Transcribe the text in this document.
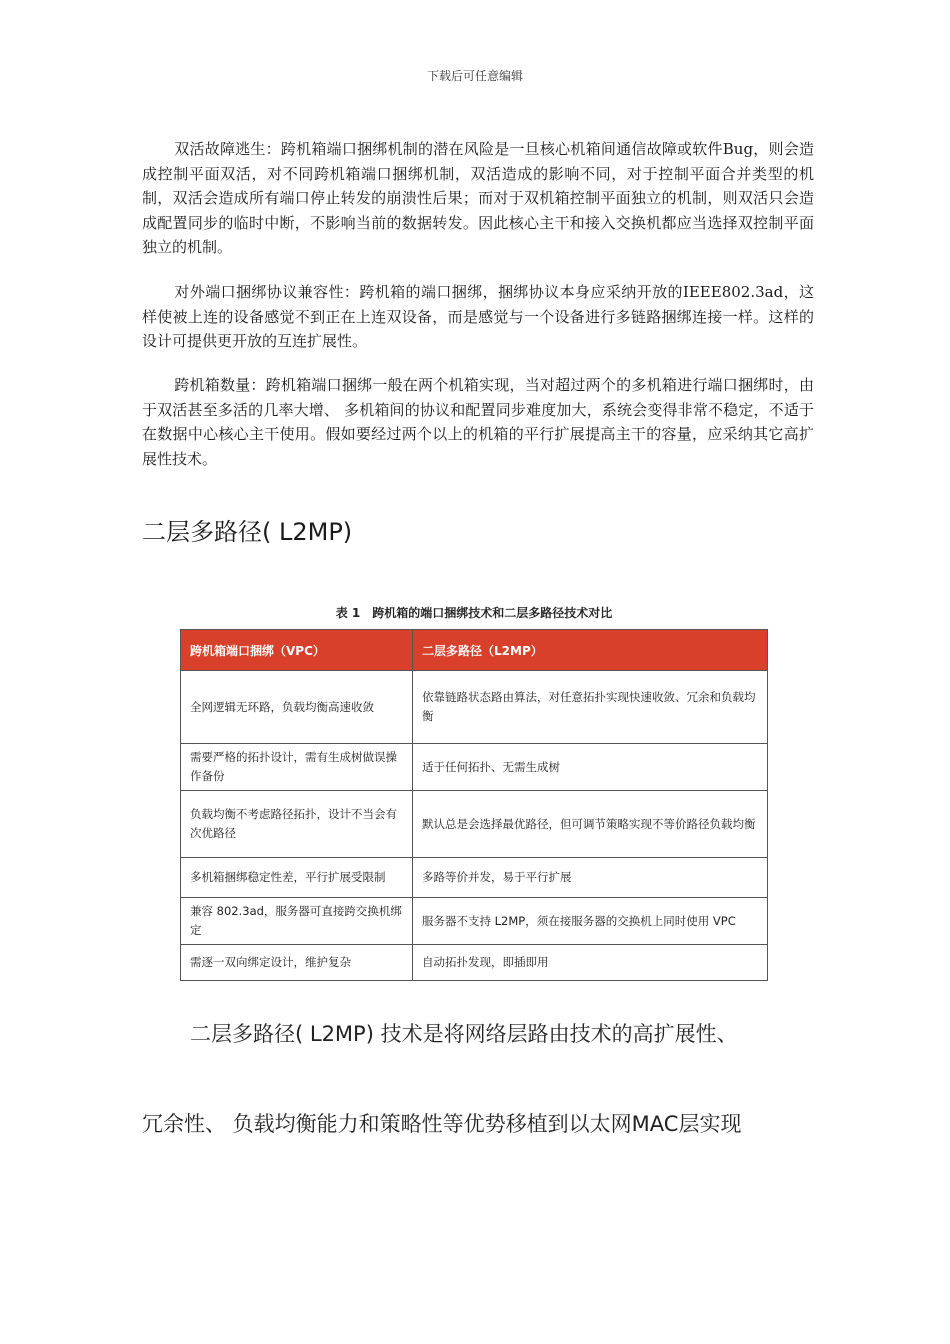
下载后可任意编辑

双活故障逃生：跨机箱端口捆绑机制的潜在风险是一旦核心机箱间通信故障或软件Bug，则会造成控制平面双活，对不同跨机箱端口捆绑机制，双活造成的影响不同，对于控制平面合并类型的机制，双活会造成所有端口停止转发的崩溃性后果；而对于双机箱控制平面独立的机制，则双活只会造成配置同步的临时中断，不影响当前的数据转发。因此核心主干和接入交换机都应当选择双控制平面独立的机制。

对外端口捆绑协议兼容性：跨机箱的端口捆绑，捆绑协议本身应采纳开放的IEEE802.3ad，这样使被上连的设备感觉不到正在上连双设备，而是感觉与一个设备进行多链路捆绑连接一样。这样的设计可提供更开放的互连扩展性。

跨机箱数量：跨机箱端口捆绑一般在两个机箱实现，当对超过两个的多机箱进行端口捆绑时，由于双活甚至多活的几率大增、 多机箱间的协议和配置同步难度加大，系统会变得非常不稳定，不适于在数据中心核心主干使用。假如要经过两个以上的机箱的平行扩展提高主干的容量，应采纳其它高扩展性技术。

二层多路径( L2MP)
表 1　跨机箱的端口捆绑技术和二层多路径技术对比
跨机箱端口捆绑（VPC）	二层多路径（L2MP）
全网逻辑无环路，负载均衡高速收敛	依靠链路状态路由算法，对任意拓扑实现快速收敛、冗余和负载均衡
需要严格的拓扑设计，需有生成树做误操作备份	适于任何拓扑、无需生成树
负载均衡不考虑路径拓扑，设计不当会有次优路径	默认总是会选择最优路径，但可调节策略实现不等价路径负载均衡
多机箱捆绑稳定性差，平行扩展受限制	多路等价并发，易于平行扩展
兼容 802.3ad，服务器可直接跨交换机绑定	服务器不支持 L2MP，须在接服务器的交换机上同时使用 VPC
需逐一双向绑定设计，维护复杂	自动拓扑发现，即插即用

二层多路径( L2MP) 技术是将网络层路由技术的高扩展性、

冗余性、 负载均衡能力和策略性等优势移植到以太网MAC层实现
